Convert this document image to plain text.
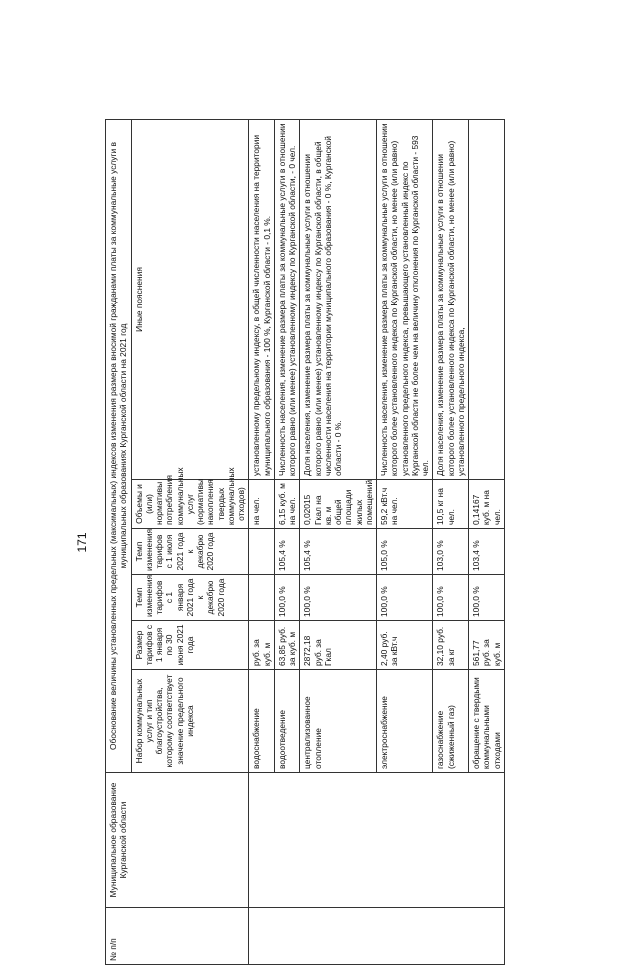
171
№ п/п	Муниципальное образование Курганской области	Обоснование величины установленных предельных (максимальных) индексов изменения размера вносимой гражданами платы за коммунальные услуги в муниципальных образованиях Курганской области на 2021 год					
		Набор коммунальных услуг и тип благоустройства, которому соответствует значение предельного индекса	Размер тарифов с 1 января по 30 июня 2021 года	Темп изменения тарифов с 1 января 2021 года к декабрю 2020 года	Темп изменения тарифов с 1 июля 2021 года к декабрю 2020 года	Объемы и (или) нормативы потребления коммунальных услуг (нормативы накопления твердых коммунальных отходов)	Иные пояснения
		водоснабжение	руб. за куб. м			на чел.	установленному предельному индексу, в общей численности населения на территории муниципального образования - 100 %, Курганской области - 0,1 %.
		водоотведение	63,85 руб. за куб. м	100,0 %	105,4 %	6,15 куб. м на чел.	Численность населения, изменение размера платы за коммунальные услуги в отношении которого равно (или менее) установленному индексу по Курганской области, - 0 чел.
		централизованное отопление	2872,18 руб. за Гкал	100,0 %	105,4 %	0,02015 Гкал на кв. м общей площади жилых помещений	Доля населения, изменение размера платы за коммунальные услуги в отношении которого равно (или менее) установленному индексу по Курганской области, в общей численности населения на территории муниципального образования - 0 %, Курганской области - 0 %.
		электроснабжение	2,40 руб. за кВт.ч	100,0 %	105,0 %	59,2 кВт.ч на чел.	Численность населения, изменение размера платы за коммунальные услуги в отношении которого более установленного индекса по Курганской области, но менее (или равно) установленного предельного индекса, превышающего установленный индекс по Курганской области не более чем на величину отклонения по Курганской области - 593 чел.
		газоснабжение (сжиженный газ)	32,10 руб. за кг	100,0 %	103,0 %	10,5 кг на чел.	Доля населения, изменение размера платы за коммунальные услуги в отношении которого более установленного индекса по Курганской области, но менее (или равно) установленного предельного индекса,
		обращение с твердыми коммунальными отходами	561,77 руб. за куб. м	100,0 %	103,4 %	0,14167 куб. м на чел.	
